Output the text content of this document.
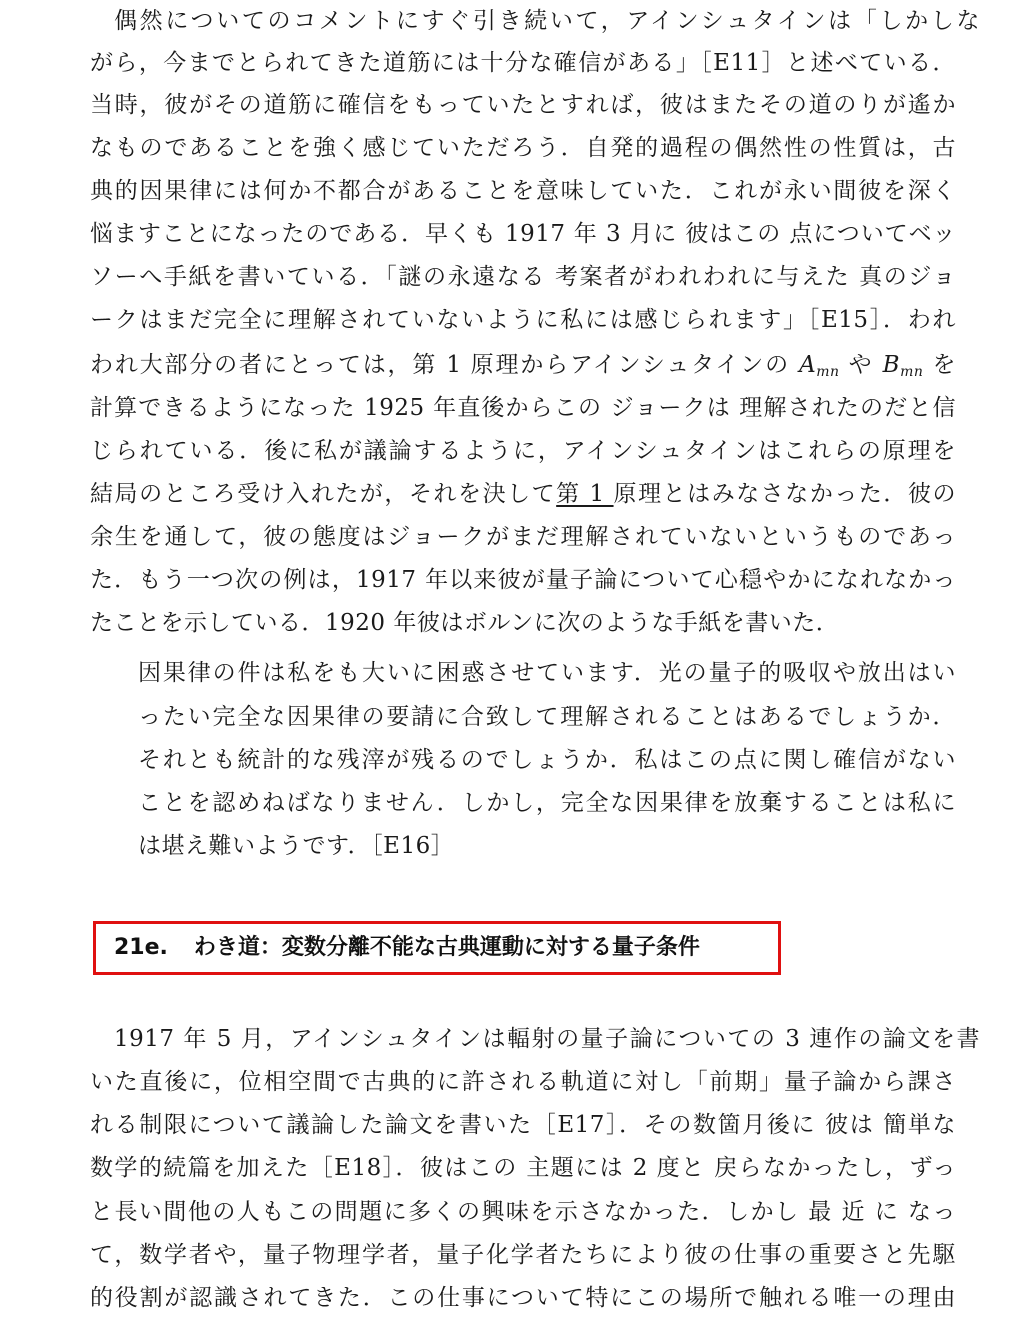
偶然についてのコメントにすぐ引き続いて，アインシュタインは「しかしな
がら，今までとられてきた道筋には十分な確信がある」［E11］と述べている．
当時，彼がその道筋に確信をもっていたとすれば，彼はまたその道のりが遙か
なものであることを強く感じていただろう．自発的過程の偶然性の性質は，古
典的因果律には何か不都合があることを意味していた．これが永い間彼を深く
悩ますことになったのである．早くも 1917 年 3 月に 彼はこの 点についてベッ
ソーへ手紙を書いている．「謎の永遠なる 考案者がわれわれに与えた 真のジョ
ークはまだ完全に理解されていないように私には感じられます」［E15］．われ
われ大部分の者にとっては，第 1 原理からアインシュタインの $A_{mn}$ や $B_{mn}$ を
計算できるようになった 1925 年直後からこの ジョークは 理解されたのだと信
じられている．後に私が議論するように，アインシュタインはこれらの原理を
結局のところ受け入れたが，それを決して第 1 原理とはみなさなかった．彼の
余生を通して，彼の態度はジョークがまだ理解されていないというものであっ
た．もう一つ次の例は，1917 年以来彼が量子論について心穏やかになれなかっ
たことを示している．1920 年彼はボルンに次のような手紙を書いた．
因果律の件は私をも大いに困惑させています．光の量子的吸収や放出はい
ったい完全な因果律の要請に合致して理解されることはあるでしょうか．
それとも統計的な残滓が残るのでしょうか．私はこの点に関し確信がない
ことを認めねばなりません．しかし，完全な因果律を放棄することは私に
は堪え難いようです．［E16］
21e. わき道：変数分離不能な古典運動に対する量子条件
1917 年 5 月，アインシュタインは輻射の量子論についての 3 連作の論文を書
いた直後に，位相空間で古典的に許される軌道に対し「前期」量子論から課さ
れる制限について議論した論文を書いた［E17］．その数箇月後に 彼は 簡単な
数学的続篇を加えた［E18］．彼はこの 主題には 2 度と 戻らなかったし，ずっ
と長い間他の人もこの問題に多くの興味を示さなかった．しかし 最 近 に なっ
て，数学者や，量子物理学者，量子化学者たちにより彼の仕事の重要さと先駆
的役割が認識されてきた．この仕事について特にこの場所で触れる唯一の理由
